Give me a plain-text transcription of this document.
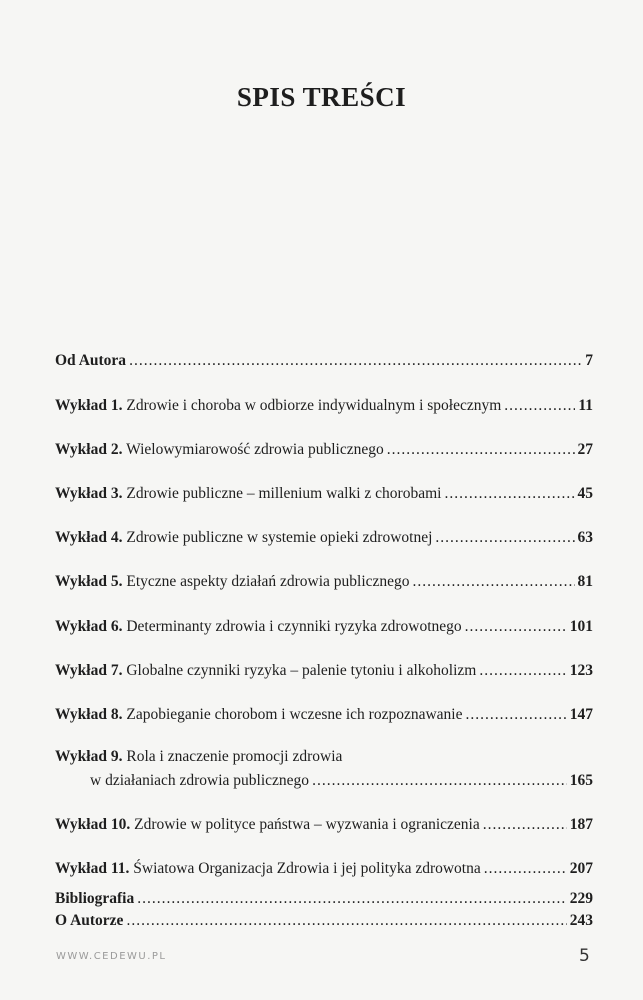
SPIS TREŚCI
Od Autora .....	7
Wykład 1. Zdrowie i choroba w odbiorze indywidualnym i społecznym .....	11
Wykład 2. Wielowymiarowość zdrowia publicznego .....	27
Wykład 3. Zdrowie publiczne – millenium walki z chorobami .....	45
Wykład 4. Zdrowie publiczne w systemie opieki zdrowotnej .....	63
Wykład 5. Etyczne aspekty działań zdrowia publicznego .....	81
Wykład 6. Determinanty zdrowia i czynniki ryzyka zdrowotnego .....	101
Wykład 7. Globalne czynniki ryzyka – palenie tytoniu i alkoholizm .....	123
Wykład 8. Zapobieganie chorobom i wczesne ich rozpoznawanie .....	147
Wykład 9. Rola i znaczenie promocji zdrowia
w działaniach zdrowia publicznego .....	165
Wykład 10. Zdrowie w polityce państwa – wyzwania i ograniczenia .....	187
Wykład 11. Światowa Organizacja Zdrowia i jej polityka zdrowotna .....	207
Bibliografia .....	229
O Autorze .....	243
WWW.CEDEWU.PL	5
